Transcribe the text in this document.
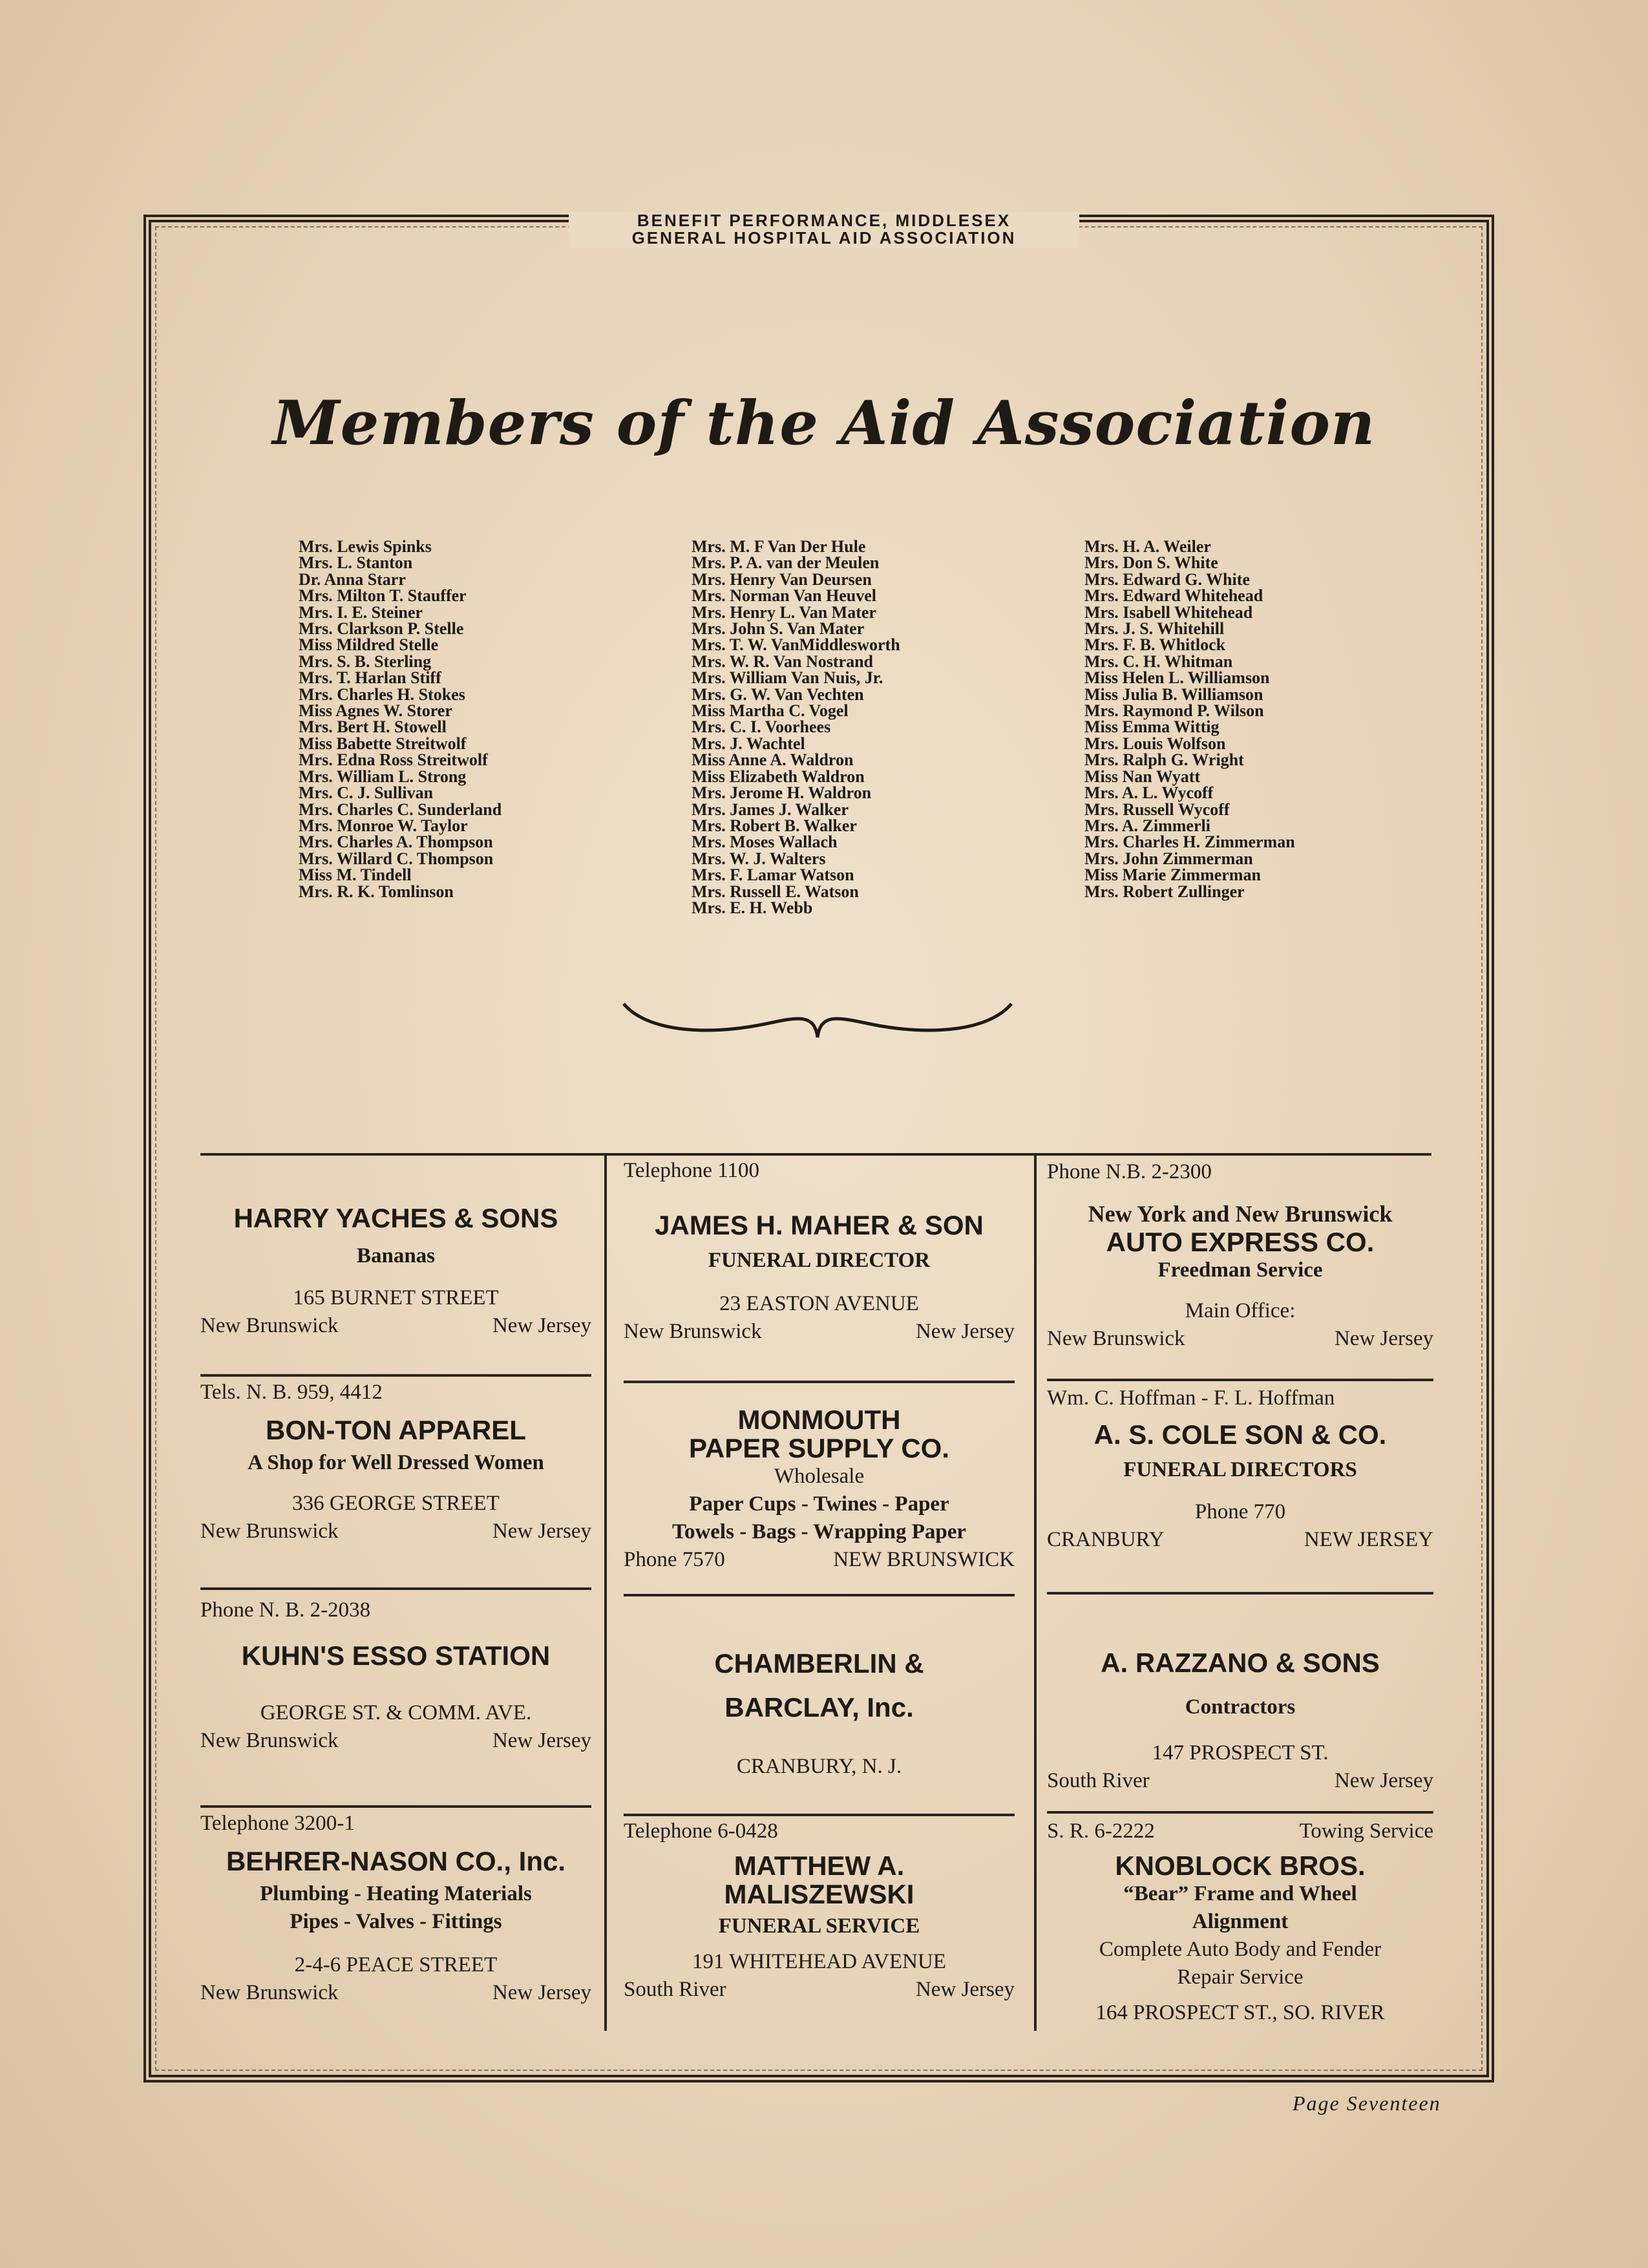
BENEFIT PERFORMANCE, MIDDLESEX
GENERAL HOSPITAL AID ASSOCIATION
Members of the Aid Association
Mrs. Lewis Spinks
Mrs. L. Stanton
Dr. Anna Starr
Mrs. Milton T. Stauffer
Mrs. I. E. Steiner
Mrs. Clarkson P. Stelle
Miss Mildred Stelle
Mrs. S. B. Sterling
Mrs. T. Harlan Stiff
Mrs. Charles H. Stokes
Miss Agnes W. Storer
Mrs. Bert H. Stowell
Miss Babette Streitwolf
Mrs. Edna Ross Streitwolf
Mrs. William L. Strong
Mrs. C. J. Sullivan
Mrs. Charles C. Sunderland
Mrs. Monroe W. Taylor
Mrs. Charles A. Thompson
Mrs. Willard C. Thompson
Miss M. Tindell
Mrs. R. K. Tomlinson
Mrs. M. F Van Der Hule
Mrs. P. A. van der Meulen
Mrs. Henry Van Deursen
Mrs. Norman Van Heuvel
Mrs. Henry L. Van Mater
Mrs. John S. Van Mater
Mrs. T. W. VanMiddlesworth
Mrs. W. R. Van Nostrand
Mrs. William Van Nuis, Jr.
Mrs. G. W. Van Vechten
Miss Martha C. Vogel
Mrs. C. I. Voorhees
Mrs. J. Wachtel
Miss Anne A. Waldron
Miss Elizabeth Waldron
Mrs. Jerome H. Waldron
Mrs. James J. Walker
Mrs. Robert B. Walker
Mrs. Moses Wallach
Mrs. W. J. Walters
Mrs. F. Lamar Watson
Mrs. Russell E. Watson
Mrs. E. H. Webb
Mrs. H. A. Weiler
Mrs. Don S. White
Mrs. Edward G. White
Mrs. Edward Whitehead
Mrs. Isabell Whitehead
Mrs. J. S. Whitehill
Mrs. F. B. Whitlock
Mrs. C. H. Whitman
Miss Helen L. Williamson
Miss Julia B. Williamson
Mrs. Raymond P. Wilson
Miss Emma Wittig
Mrs. Louis Wolfson
Mrs. Ralph G. Wright
Miss Nan Wyatt
Mrs. A. L. Wycoff
Mrs. Russell Wycoff
Mrs. A. Zimmerli
Mrs. Charles H. Zimmerman
Mrs. John Zimmerman
Miss Marie Zimmerman
Mrs. Robert Zullinger
HARRY YACHES & SONS
Bananas
165 BURNET STREET
New Brunswick	New Jersey
Tels. N. B. 959, 4412
BON-TON APPAREL
A Shop for Well Dressed Women
336 GEORGE STREET
New Brunswick	New Jersey
Phone N. B. 2-2038
KUHN'S ESSO STATION
GEORGE ST. & COMM. AVE.
New Brunswick	New Jersey
Telephone 3200-1
BEHRER-NASON CO., Inc.
Plumbing - Heating Materials
Pipes - Valves - Fittings
2-4-6 PEACE STREET
New Brunswick	New Jersey
Telephone 1100
JAMES H. MAHER & SON
FUNERAL DIRECTOR
23 EASTON AVENUE
New Brunswick	New Jersey
MONMOUTH
PAPER SUPPLY CO.
Wholesale
Paper Cups - Twines - Paper
Towels - Bags - Wrapping Paper
Phone 7570	NEW BRUNSWICK
CHAMBERLIN &
BARCLAY, Inc.
CRANBURY, N. J.
Telephone 6-0428
MATTHEW A.
MALISZEWSKI
FUNERAL SERVICE
191 WHITEHEAD AVENUE
South River	New Jersey
Phone N.B. 2-2300
New York and New Brunswick
AUTO EXPRESS CO.
Freedman Service
Main Office:
New Brunswick	New Jersey
Wm. C. Hoffman - F. L. Hoffman
A. S. COLE SON & CO.
FUNERAL DIRECTORS
Phone 770
CRANBURY	NEW JERSEY
A. RAZZANO & SONS
Contractors
147 PROSPECT ST.
South River	New Jersey
S. R. 6-2222	Towing Service
KNOBLOCK BROS.
“Bear” Frame and Wheel
Alignment
Complete Auto Body and Fender
Repair Service
164 PROSPECT ST., SO. RIVER
Page Seventeen
